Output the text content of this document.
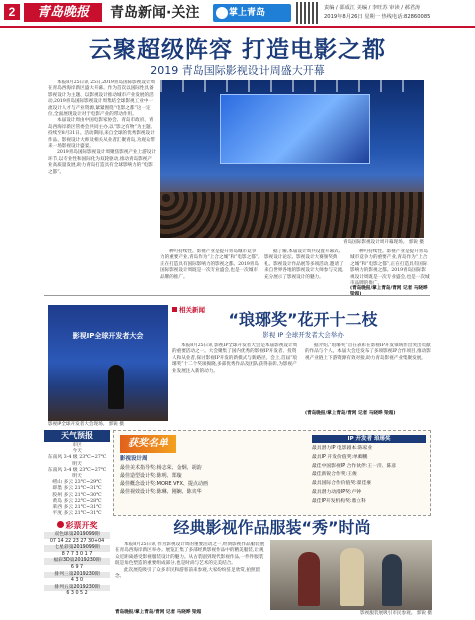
2	青岛晚报	青岛新闻·关注	掌上青岛	责编 / 邵成江 美编 / 李旺苏 审读 / 郝君涛
2019年8月26日 星期一 热线电话:82860085
云聚超级阵容 打造电影之都
2019 青岛国际影视设计周盛大开幕

本报8月25日讯 25日,2019青岛国际影视设计周在青岛西海岸新区盛大开幕。作为首次以国际性具备影视设计为主题、以影视设计推动城市产业发展的活动,2019青岛国际影视设计周集结全球影视工业中一流设计人才与产业资源,紧紧围绕“电影之都”这一定位,全面展现设计对于电影产业的带动作用。

本届设计周由中国电影家协会、青岛市政府、青岛西海岸新区管委会共同主办,以“影之有物”为主题,持续至8月31日。活动期间,来自全球的优秀影视设计作品、影视设计大师及相关从业者汇聚青岛,为观众带来一场影视设计盛宴。

2019青岛国际影视设计周聚焦影视产业上游设计环节,以专业性和国际化为双轮驱动,推动青岛影视产业高质量发展,助力青岛打造具有全球影响力的“电影之都”。

青岛国际影视设计周开幕现场。 郭锐 摄

种可持续性。影视产业是提升青岛城市竞争力的重要产业,青岛作为“上合之城”和“电影之都”,正在打造具有国际影响力的影视之都。2019青岛国际影视设计周既是一次专业盛会,也是一次城市品牌的推广。

据了解,本届设计周共设置开幕式、影视设计论坛、影视设计大赛颁奖典礼、影视设计作品展等多项活动,邀请了来自世界各地的影视设计大师参与交流,充分展示了影视设计的魅力。

种可持续性。影视产业是提升青岛城市竞争力的重要产业,青岛作为“上合之城”和“电影之都”,正在打造具有国际影响力的影视之都。2019青岛国际影视设计周既是一次专业盛会,也是一次城市品牌的推广。

(青岛晚报/掌上青岛/青网 记者 马晓晔
相关新闻	“琅琊奖”花开十二枝
影视 IP 全球开发者大会举办
影视IP全球开发者大会
影视IP全球开发者大会现场。 郭锐 摄

本报8月25日讯 影视IP全球开发者大会是本届影视设计周的重要活动之一。大会聚集了国内优秀的影视IP开发者、投资人和从业者,探讨影视IP开发的新模式与新路径。会上,首届“琅琊奖”十二个奖项揭晓,多部优秀作品及团队获得表彰,为影视产业发展注入新的动力。

据介绍,“琅琊奖”旨在表彰在影视IP开发领域作出突出贡献的作品与个人。本届大会还发布了多项影视IP合作项目,推动影视产业链上下游资源有效对接,助力青岛影视产业集聚发展。

(青岛晚报/掌上青岛/青网 记者 马晓晔 梁超)
天气预报
市区
今天
东南风 3-4 级 23℃~27℃
明天
东南风 3-4 级 23℃~27℃
明天
崂山 多云 23℃~29℃
即墨 多云 21℃~31℃
胶州 多云 21℃~30℃
黄岛 多云 22℃~28℃
莱西 多云 21℃~31℃
平度 多云 21℃~31℃
彩票开奖
双色球第2019099期
07 14 22 23 27 30+04
七星彩第2019099期
8 7 7 3 0 1 7
福彩3D第2019230期
6 9 7
排列三第2019230期
4 3 0
排列五第2019230期
6 3 0 5 2
获奖名单
影视设计周
最佳美术指导奖:杨志荣、金炯、胡韵
最佳造型设计奖:陈明、郑璇
最佳概念设计奖:MORE VFX、提点动画
最佳视效设计奖:陈琳、刚娴、陈夹华
IP 开发者 琅琊奖
最具潜力IP 电影剧本:陈家业
最具IP 开发价值奖:单卿鹏
最佳中国影视IP 合作伙伴:王一洋、陈彦
最佳新锐合作奖:王俊
最具国际合作价值奖:翟佳豪
最具潜力动漫IP奖:卢钟
最佳IP开发机构奖:鼎立科
经典影视作品服装“秀”时尚

本报8月25日讯 作为影视设计周的重要活动之一,经典影视作品服装展在青岛西海岸新区举办。展览汇集了多部经典影视作品中的精美服装,让观众近距离感受影视服装设计的魅力。从古装剧到现代影视作品,一件件服装既是角色塑造的重要组成部分,也是时尚与艺术的完美结合。

此次展览吸引了众多市民和游客前来参观,大家纷纷驻足欣赏,拍照留念。

青岛晚报/掌上青岛/青网 记者 马晓晔 梁超	影视服装展吸引市民参观。 郭锐 摄
